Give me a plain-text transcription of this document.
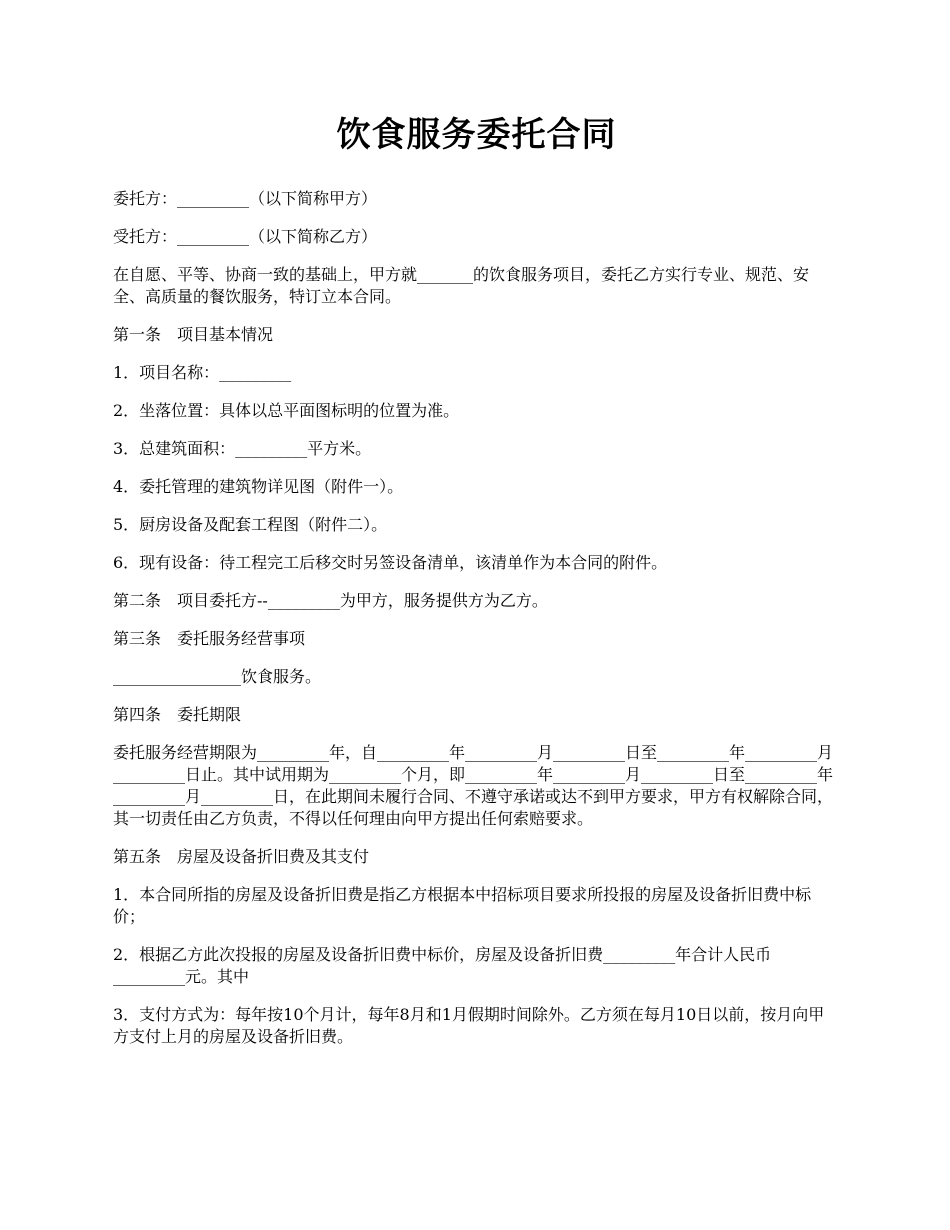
饮食服务委托合同

委托方：_________（以下简称甲方）

受托方：_________（以下简称乙方）

在自愿、平等、协商一致的基础上，甲方就_______的饮食服务项目，委托乙方实行专业、规范、安全、高质量的餐饮服务，特订立本合同。

第一条　项目基本情况

1．项目名称：_________

2．坐落位置：具体以总平面图标明的位置为准。

3．总建筑面积：_________平方米。

4．委托管理的建筑物详见图（附件一）。

5．厨房设备及配套工程图（附件二）。

6．现有设备：待工程完工后移交时另签设备清单，该清单作为本合同的附件。

第二条　项目委托方--_________为甲方，服务提供方为乙方。

第三条　委托服务经营事项

________________饮食服务。

第四条　委托期限

委托服务经营期限为_________年，自_________年_________月_________日至_________年_________月_________日止。其中试用期为_________个月，即_________年_________月_________日至_________年_________月_________日，在此期间未履行合同、不遵守承诺或达不到甲方要求，甲方有权解除合同，其一切责任由乙方负责，不得以任何理由向甲方提出任何索赔要求。

第五条　房屋及设备折旧费及其支付

1．本合同所指的房屋及设备折旧费是指乙方根据本中招标项目要求所投报的房屋及设备折旧费中标价；

2．根据乙方此次投报的房屋及设备折旧费中标价，房屋及设备折旧费_________年合计人民币_________元。其中

3．支付方式为：每年按10个月计，每年8月和1月假期时间除外。乙方须在每月10日以前，按月向甲方支付上月的房屋及设备折旧费。
